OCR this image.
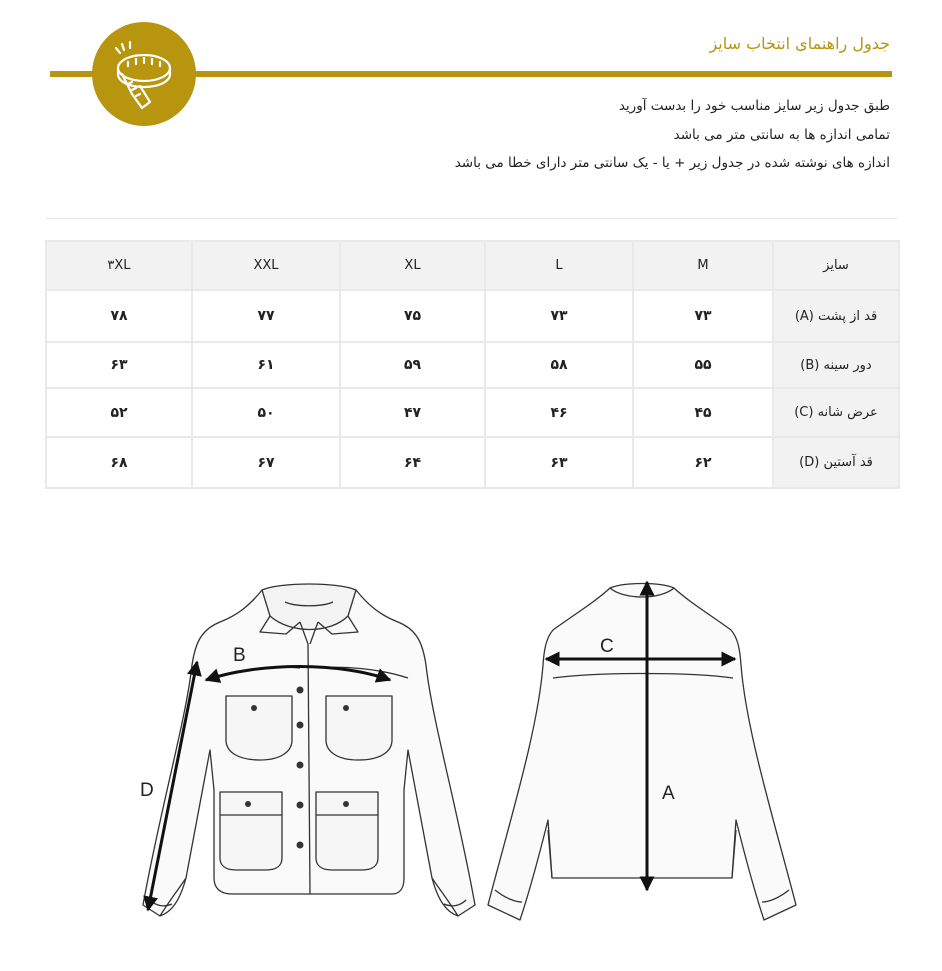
جدول راهنمای انتخاب سایز
طبق جدول زیر سایز مناسب خود را بدست آورید
تمامی اندازه ها به سانتی متر می باشد
اندازه های نوشته شده در جدول زیر + یا - یک سانتی متر دارای خطا می باشد
۳XL	XXL	XL	L	M	سایز
۷۸	۷۷	۷۵	۷۳	۷۳	قد از پشت (A)
۶۳	۶۱	۵۹	۵۸	۵۵	دور سینه (B)
۵۲	۵۰	۴۷	۴۶	۴۵	عرض شانه (C)
۶۸	۶۷	۶۴	۶۳	۶۲	قد آستین (D)
B
D
C
A
